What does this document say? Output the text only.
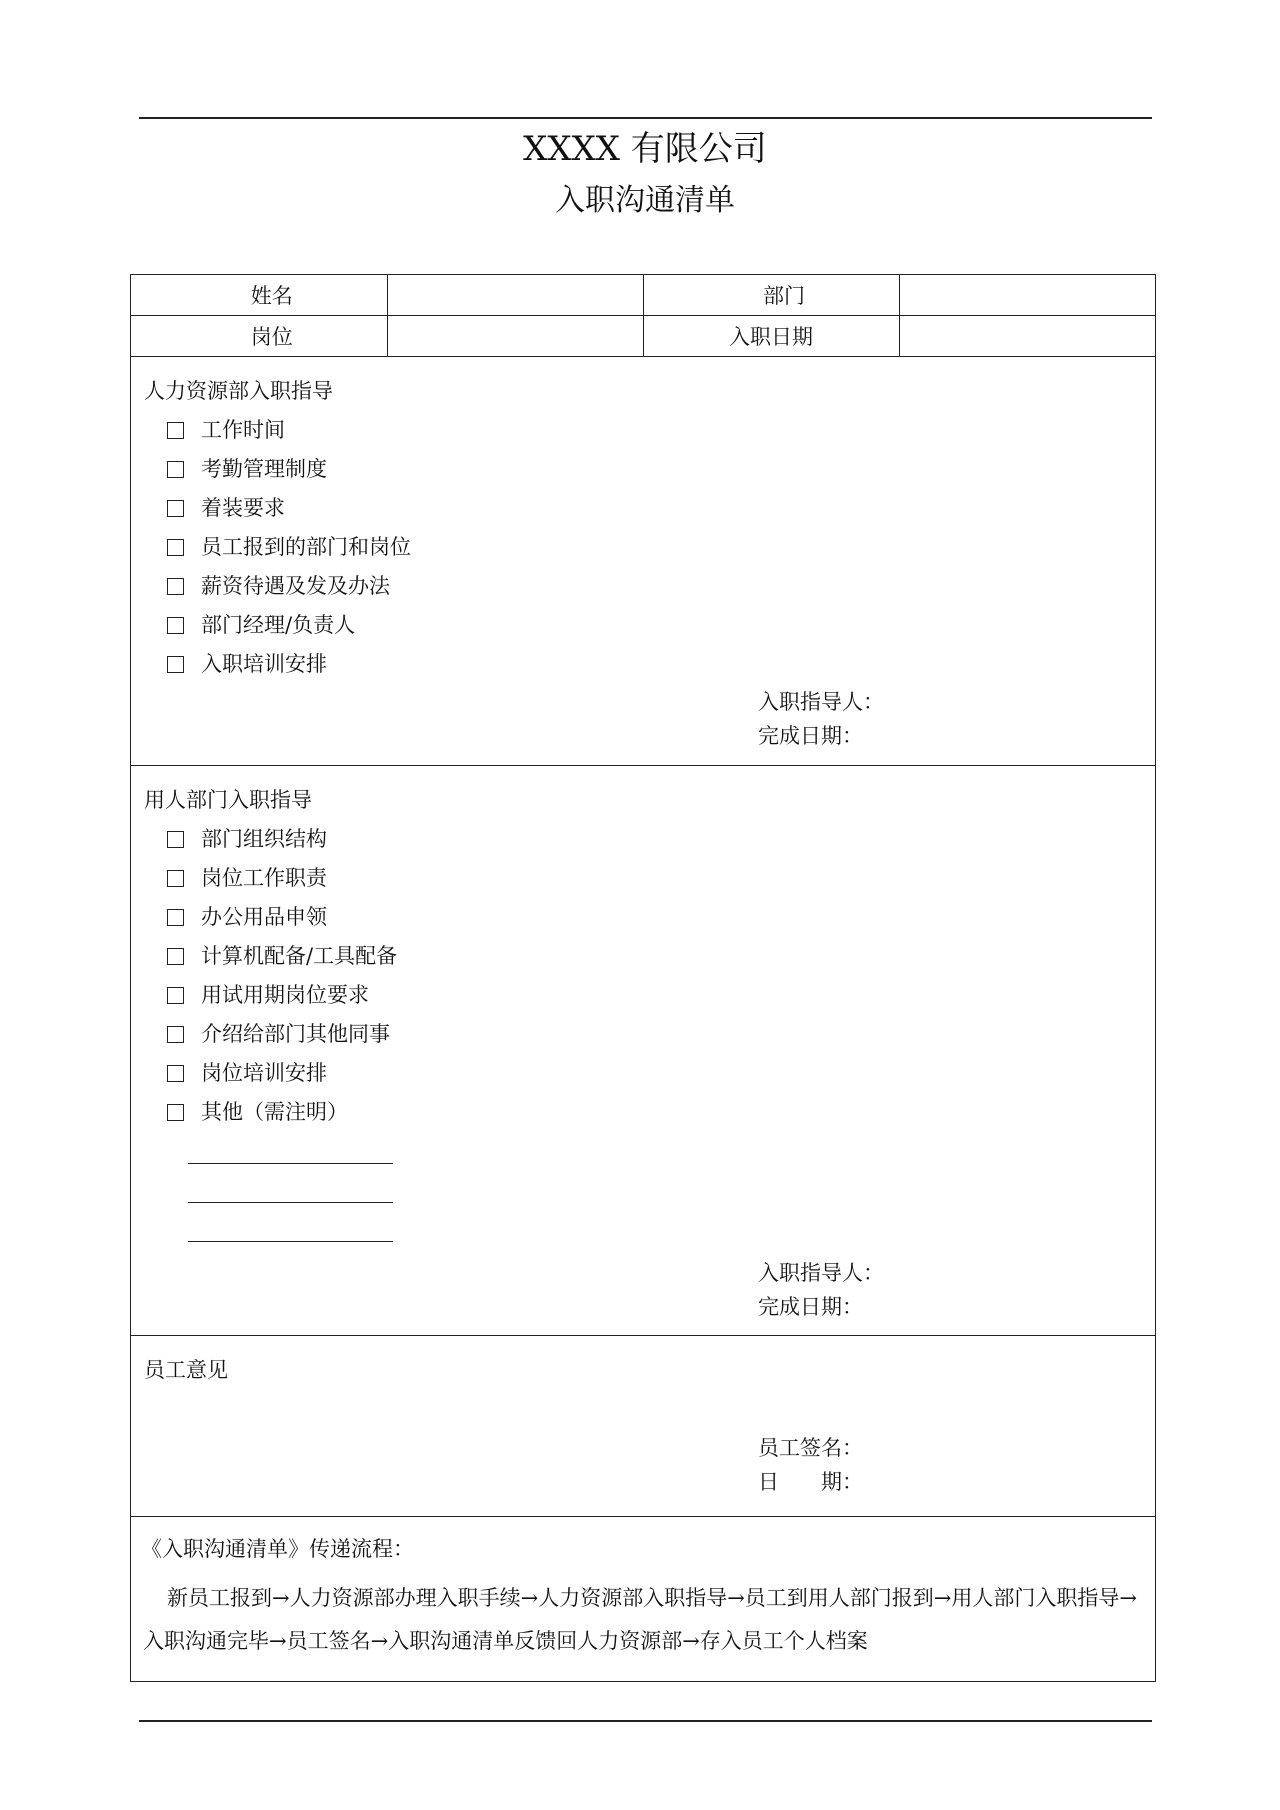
XXXX 有限公司
入职沟通清单
姓名		部门	
岗位		入职日期	
人力资源部入职指导
工作时间
考勤管理制度
着装要求
员工报到的部门和岗位
薪资待遇及发及办法
部门经理/负责人
入职培训安排
入职指导人：
完成日期：
用人部门入职指导
部门组织结构
岗位工作职责
办公用品申领
计算机配备/工具配备
用试用期岗位要求
介绍给部门其他同事
岗位培训安排
其他（需注明）
入职指导人：
完成日期：
员工意见
员工签名：
日　　期：
《入职沟通清单》传递流程：
新员工报到→人力资源部办理入职手续→人力资源部入职指导→员工到用人部门报到→用人部门入职指导→入职沟通完毕→员工签名→入职沟通清单反馈回人力资源部→存入员工个人档案
